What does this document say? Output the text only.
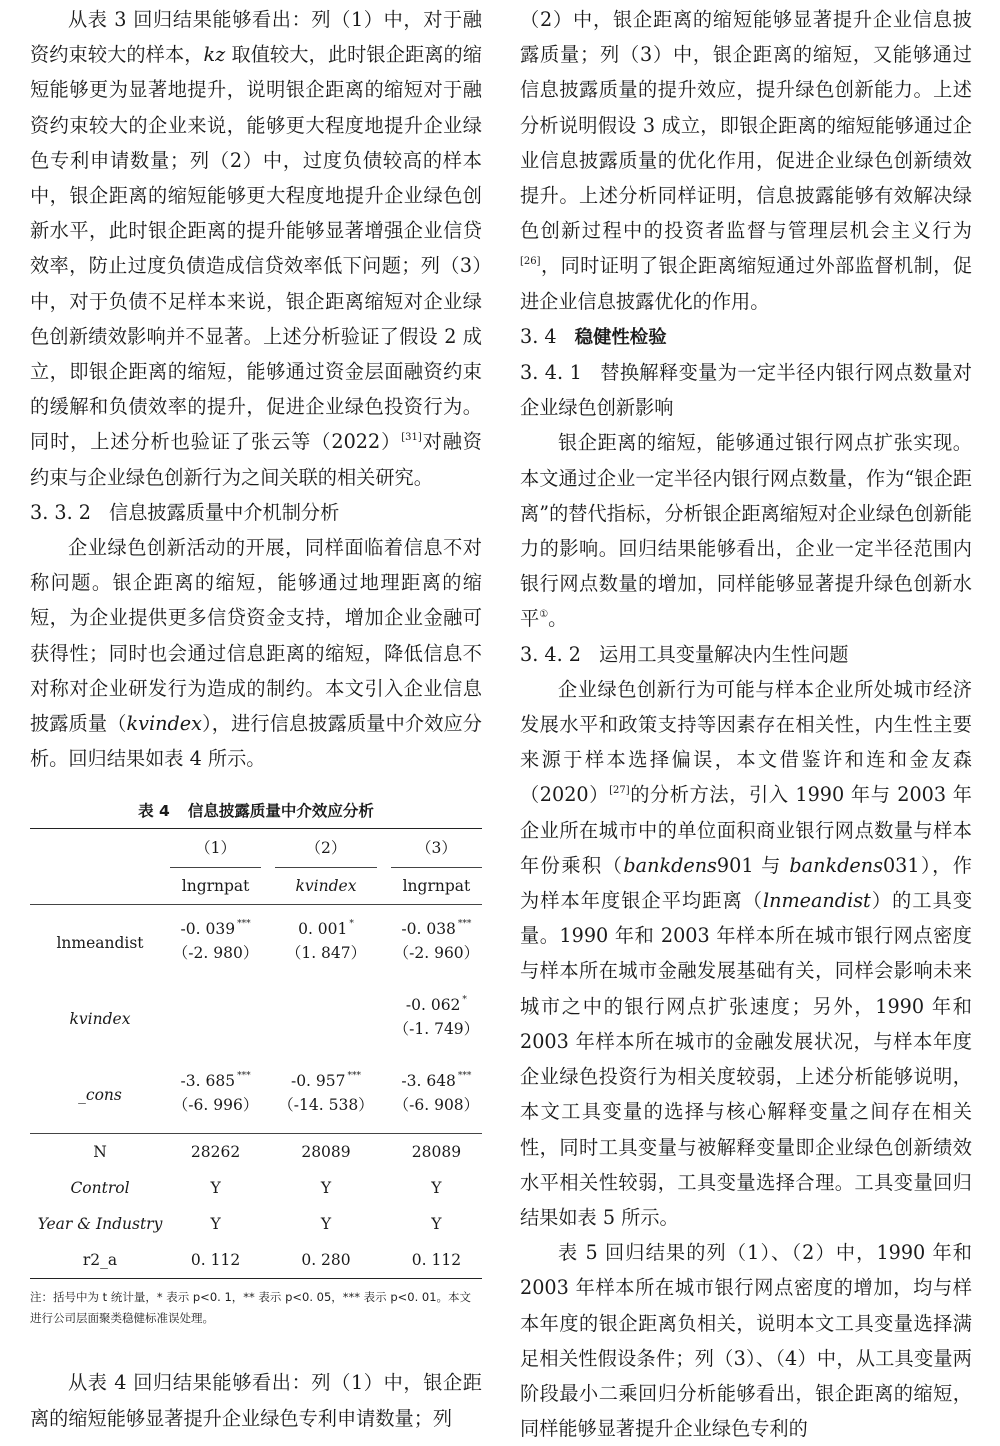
从表 3 回归结果能够看出：列（1）中，对于融资约束较大的样本，kz 取值较大，此时银企距离的缩短能够更为显著地提升，说明银企距离的缩短对于融资约束较大的企业来说，能够更大程度地提升企业绿色专利申请数量；列（2）中，过度负债较高的样本中，银企距离的缩短能够更大程度地提升企业绿色创新水平，此时银企距离的提升能够显著增强企业信贷效率，防止过度负债造成信贷效率低下问题；列（3）中，对于负债不足样本来说，银企距离缩短对企业绿色创新绩效影响并不显著。上述分析验证了假设 2 成立，即银企距离的缩短，能够通过资金层面融资约束的缓解和负债效率的提升，促进企业绿色投资行为。同时，上述分析也验证了张云等（2022）[31]对融资约束与企业绿色创新行为之间关联的相关研究。

3. 3. 2 信息披露质量中介机制分析

企业绿色创新活动的开展，同样面临着信息不对称问题。银企距离的缩短，能够通过地理距离的缩短，为企业提供更多信贷资金支持，增加企业金融可获得性；同时也会通过信息距离的缩短，降低信息不对称对企业研发行为造成的制约。本文引入企业信息披露质量（kvindex），进行信息披露质量中介效应分析。回归结果如表 4 所示。

表 4 信息披露质量中介效应分析
	（1）		（2）		（3）
	lngrnpat		kvindex		lngrnpat
lnmeandist	-0. 039 ***		0. 001 *		-0. 038 ***
	（-2. 980）		（1. 847）		（-2. 960）
kvindex					-0. 062 *
					（-1. 749）
_cons	-3. 685 ***		-0. 957 ***		-3. 648 ***
	（-6. 996）		（-14. 538）		（-6. 908）
N	28262		28089		28089
Control	Y		Y		Y
Year & Industry	Y		Y		Y
r2_a	0. 112		0. 280		0. 112
注：括号中为 t 统计量，* 表示 p<0. 1，** 表示 p<0. 05，*** 表示 p<0. 01。本文进行公司层面聚类稳健标准误处理。

从表 4 回归结果能够看出：列（1）中，银企距离的缩短能够显著提升企业绿色专利申请数量；列

（2）中，银企距离的缩短能够显著提升企业信息披露质量；列（3）中，银企距离的缩短，又能够通过信息披露质量的提升效应，提升绿色创新能力。上述分析说明假设 3 成立，即银企距离的缩短能够通过企业信息披露质量的优化作用，促进企业绿色创新绩效提升。上述分析同样证明，信息披露能够有效解决绿色创新过程中的投资者监督与管理层机会主义行为[26]，同时证明了银企距离缩短通过外部监督机制，促进企业信息披露优化的作用。

3. 4 稳健性检验

3. 4. 1 替换解释变量为一定半径内银行网点数量对企业绿色创新影响

银企距离的缩短，能够通过银行网点扩张实现。本文通过企业一定半径内银行网点数量，作为“银企距离”的替代指标，分析银企距离缩短对企业绿色创新能力的影响。回归结果能够看出，企业一定半径范围内银行网点数量的增加，同样能够显著提升绿色创新水平①。

3. 4. 2 运用工具变量解决内生性问题

企业绿色创新行为可能与样本企业所处城市经济发展水平和政策支持等因素存在相关性，内生性主要来源于样本选择偏误，本文借鉴许和连和金友森（2020）[27]的分析方法，引入 1990 年与 2003 年企业所在城市中的单位面积商业银行网点数量与样本年份乘积（bankdens901 与 bankdens031），作为样本年度银企平均距离（lnmeandist）的工具变量。1990 年和 2003 年样本所在城市银行网点密度与样本所在城市金融发展基础有关，同样会影响未来城市之中的银行网点扩张速度；另外，1990 年和 2003 年样本所在城市的金融发展状况，与样本年度企业绿色投资行为相关度较弱，上述分析能够说明，本文工具变量的选择与核心解释变量之间存在相关性，同时工具变量与被解释变量即企业绿色创新绩效水平相关性较弱，工具变量选择合理。工具变量回归结果如表 5 所示。

表 5 回归结果的列（1）、（2）中，1990 年和 2003 年样本所在城市银行网点密度的增加，均与样本年度的银企距离负相关，说明本文工具变量选择满足相关性假设条件；列（3）、（4）中，从工具变量两阶段最小二乘回归分析能够看出，银企距离的缩短，同样能够显著提升企业绿色专利的
